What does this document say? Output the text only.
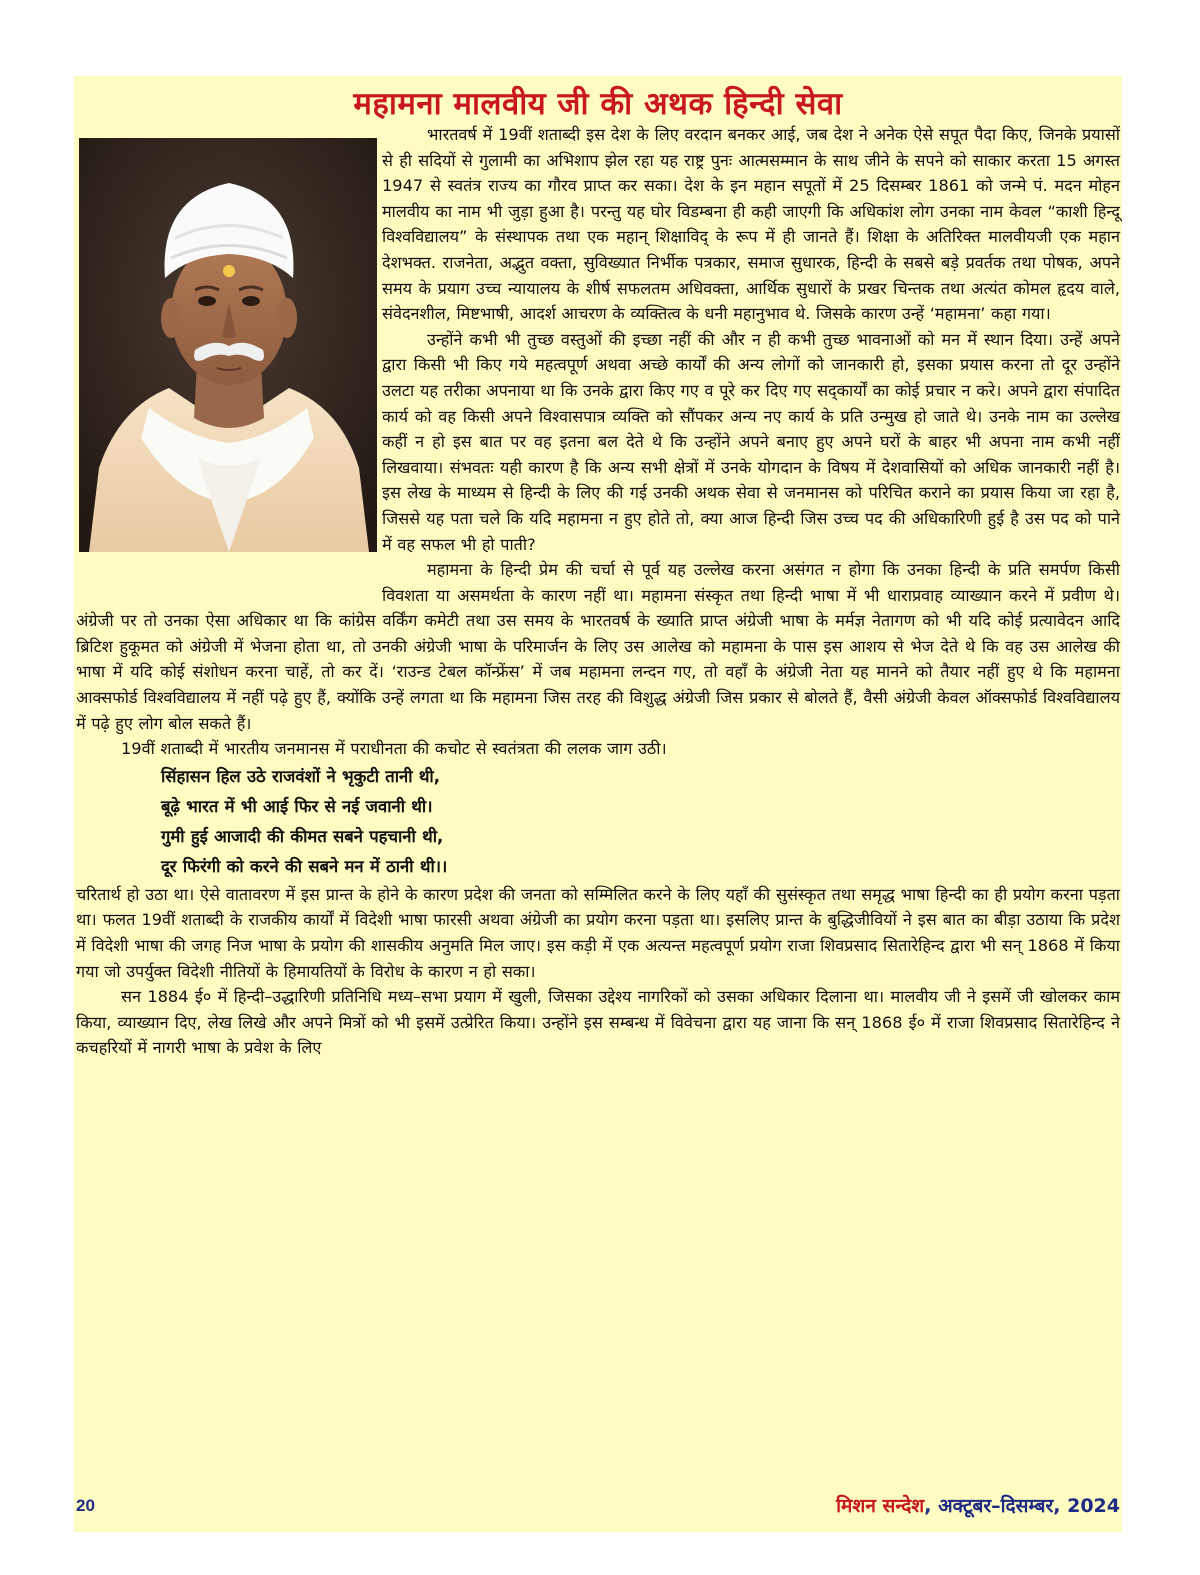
महामना मालवीय जी की अथक हिन्दी सेवा

भारतवर्ष में 19वीं शताब्दी इस देश के लिए वरदान बनकर आई, जब देश ने अनेक ऐसे सपूत पैदा किए, जिनके प्रयासों से ही सदियों से गुलामी का अभिशाप झेल रहा यह राष्ट्र पुनः आत्मसम्मान के साथ जीने के सपने को साकार करता 15 अगस्त 1947 से स्वतंत्र राज्य का गौरव प्राप्त कर सका। देश के इन महान सपूतों में 25 दिसम्बर 1861 को जन्मे पं. मदन मोहन मालवीय का नाम भी जुड़ा हुआ है। परन्तु यह घोर विडम्बना ही कही जाएगी कि अधिकांश लोग उनका नाम केवल “काशी हिन्दू विश्वविद्यालय” के संस्थापक तथा एक महान् शिक्षाविद् के रूप में ही जानते हैं। शिक्षा के अतिरिक्त मालवीयजी एक महान देशभक्त. राजनेता, अद्भुत वक्ता, सुविख्यात निर्भीक पत्रकार, समाज सुधारक, हिन्दी के सबसे बड़े प्रवर्तक तथा पोषक, अपने समय के प्रयाग उच्च न्यायालय के शीर्ष सफलतम अधिवक्ता, आर्थिक सुधारों के प्रखर चिन्तक तथा अत्यंत कोमल हृदय वाले, संवेदनशील, मिष्टभाषी, आदर्श आचरण के व्यक्तित्व के धनी महानुभाव थे. जिसके कारण उन्हें ‘महामना’ कहा गया।

उन्होंने कभी भी तुच्छ वस्तुओं की इच्छा नहीं की और न ही कभी तुच्छ भावनाओं को मन में स्थान दिया। उन्हें अपने द्वारा किसी भी किए गये महत्वपूर्ण अथवा अच्छे कार्यों की अन्य लोगों को जानकारी हो, इसका प्रयास करना तो दूर उन्होंने उलटा यह तरीका अपनाया था कि उनके द्वारा किए गए व पूरे कर दिए गए सद्कार्यों का कोई प्रचार न करे। अपने द्वारा संपादित कार्य को वह किसी अपने विश्वासपात्र व्यक्ति को सौंपकर अन्य नए कार्य के प्रति उन्मुख हो जाते थे। उनके नाम का उल्लेख कहीं न हो इस बात पर वह इतना बल देते थे कि उन्होंने अपने बनाए हुए अपने घरों के बाहर भी अपना नाम कभी नहीं लिखवाया। संभवतः यही कारण है कि अन्य सभी क्षेत्रों में उनके योगदान के विषय में देशवासियों को अधिक जानकारी नहीं है। इस लेख के माध्यम से हिन्दी के लिए की गई उनकी अथक सेवा से जनमानस को परिचित कराने का प्रयास किया जा रहा है, जिससे यह पता चले कि यदि महामना न हुए होते तो, क्या आज हिन्दी जिस उच्च पद की अधिकारिणी हुई है उस पद को पाने में वह सफल भी हो पाती?

महामना के हिन्दी प्रेम की चर्चा से पूर्व यह उल्लेख करना असंगत न होगा कि उनका हिन्दी के प्रति समर्पण किसी विवशता या असमर्थता के कारण नहीं था। महामना संस्कृत तथा हिन्दी भाषा में भी धाराप्रवाह व्याख्यान करने में प्रवीण थे। अंग्रेजी पर तो उनका ऐसा अधिकार था कि कांग्रेस वर्किंग कमेटी तथा उस समय के भारतवर्ष के ख्याति प्राप्त अंग्रेजी भाषा के मर्मज्ञ नेतागण को भी यदि कोई प्रत्यावेदन आदि ब्रिटिश हुकूमत को अंग्रेजी में भेजना होता था, तो उनकी अंग्रेजी भाषा के परिमार्जन के लिए उस आलेख को महामना के पास इस आशय से भेज देते थे कि वह उस आलेख की भाषा में यदि कोई संशोधन करना चाहें, तो कर दें। ‘राउन्ड टेबल कॉन्फ्रेंस’ में जब महामना लन्दन गए, तो वहाँ के अंग्रेजी नेता यह मानने को तैयार नहीं हुए थे कि महामना आक्सफोर्ड विश्वविद्यालय में नहीं पढ़े हुए हैं, क्योंकि उन्हें लगता था कि महामना जिस तरह की विशुद्ध अंग्रेजी जिस प्रकार से बोलते हैं, वैसी अंग्रेजी केवल ऑक्सफोर्ड विश्वविद्यालय में पढ़े हुए लोग बोल सकते हैं।

19वीं शताब्दी में भारतीय जनमानस में पराधीनता की कचोट से स्वतंत्रता की ललक जाग उठी।

सिंहासन हिल उठे राजवंशों ने भृकुटी तानी थी,
बूढ़े भारत में भी आई फिर से नई जवानी थी।
गुमी हुई आजादी की कीमत सबने पहचानी थी,
दूर फिरंगी को करने की सबने मन में ठानी थी।।

चरितार्थ हो उठा था। ऐसे वातावरण में इस प्रान्त के होने के कारण प्रदेश की जनता को सम्मिलित करने के लिए यहाँ की सुसंस्कृत तथा समृद्ध भाषा हिन्दी का ही प्रयोग करना पड़ता था। फलत 19वीं शताब्दी के राजकीय कार्यों में विदेशी भाषा फारसी अथवा अंग्रेजी का प्रयोग करना पड़ता था। इसलिए प्रान्त के बुद्धिजीवियों ने इस बात का बीड़ा उठाया कि प्रदेश में विदेशी भाषा की जगह निज भाषा के प्रयोग की शासकीय अनुमति मिल जाए। इस कड़ी में एक अत्यन्त महत्वपूर्ण प्रयोग राजा शिवप्रसाद सितारेहिन्द द्वारा भी सन् 1868 में किया गया जो उपर्युक्त विदेशी नीतियों के हिमायतियों के विरोध के कारण न हो सका।

सन 1884 ई० में हिन्दी–उद्धारिणी प्रतिनिधि मध्य–सभा प्रयाग में खुली, जिसका उद्देश्य नागरिकों को उसका अधिकार दिलाना था। मालवीय जी ने इसमें जी खोलकर काम किया, व्याख्यान दिए, लेख लिखे और अपने मित्रों को भी इसमें उत्प्रेरित किया। उन्होंने इस सम्बन्ध में विवेचना द्वारा यह जाना कि सन् 1868 ई० में राजा शिवप्रसाद सितारेहिन्द ने कचहरियों में नागरी भाषा के प्रवेश के लिए

20	मिशन सन्देश, अक्टूबर–दिसम्बर, 2024
